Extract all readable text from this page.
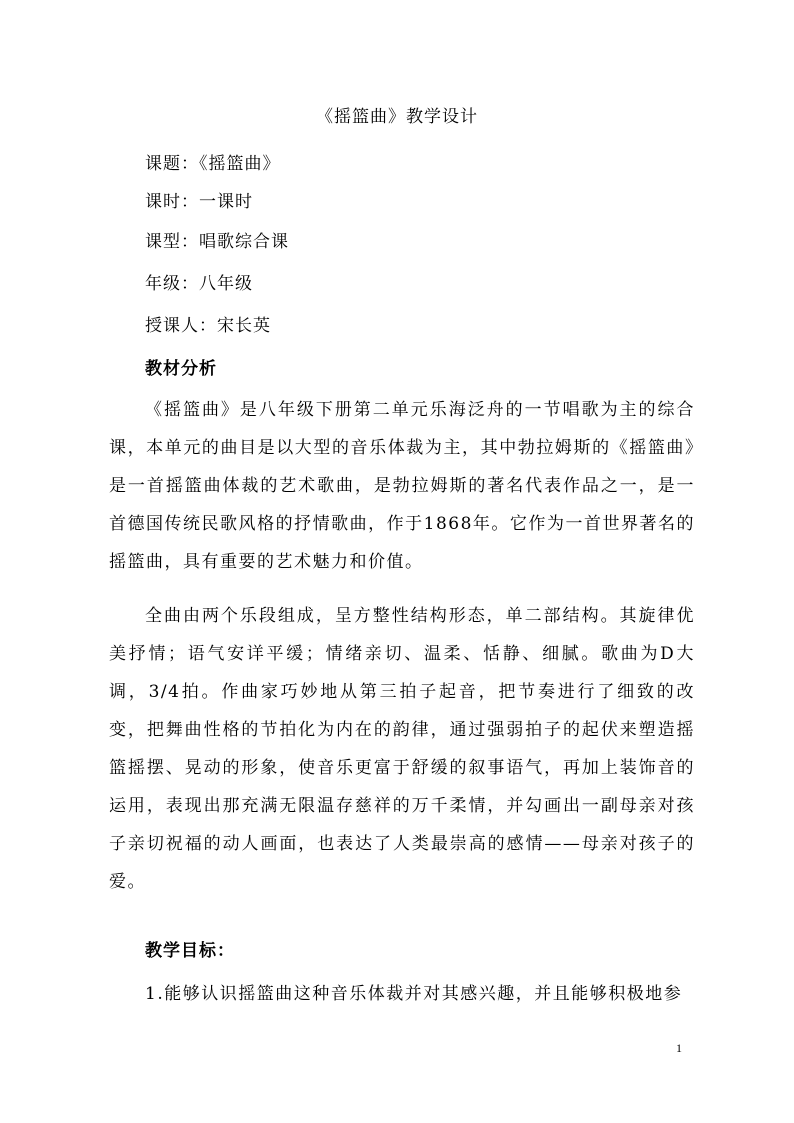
《摇篮曲》教学设计
课题：《摇篮曲》
课时：一课时
课型：唱歌综合课
年级：八年级
授课人：宋长英
教材分析
《摇篮曲》是八年级下册第二单元乐海泛舟的一节唱歌为主的综合课，本单元的曲目是以大型的音乐体裁为主，其中勃拉姆斯的《摇篮曲》是一首摇篮曲体裁的艺术歌曲，是勃拉姆斯的著名代表作品之一，是一首德国传统民歌风格的抒情歌曲，作于1868年。它作为一首世界著名的摇篮曲，具有重要的艺术魅力和价值。
全曲由两个乐段组成，呈方整性结构形态，单二部结构。其旋律优美抒情；语气安详平缓；情绪亲切、温柔、恬静、细腻。歌曲为D大调，3/4拍。作曲家巧妙地从第三拍子起音，把节奏进行了细致的改变，把舞曲性格的节拍化为内在的韵律，通过强弱拍子的起伏来塑造摇篮摇摆、晃动的形象，使音乐更富于舒缓的叙事语气，再加上装饰音的运用，表现出那充满无限温存慈祥的万千柔情，并勾画出一副母亲对孩子亲切祝福的动人画面，也表达了人类最崇高的感情——母亲对孩子的爱。
教学目标：
1.能够认识摇篮曲这种音乐体裁并对其感兴趣，并且能够积极地参
1
